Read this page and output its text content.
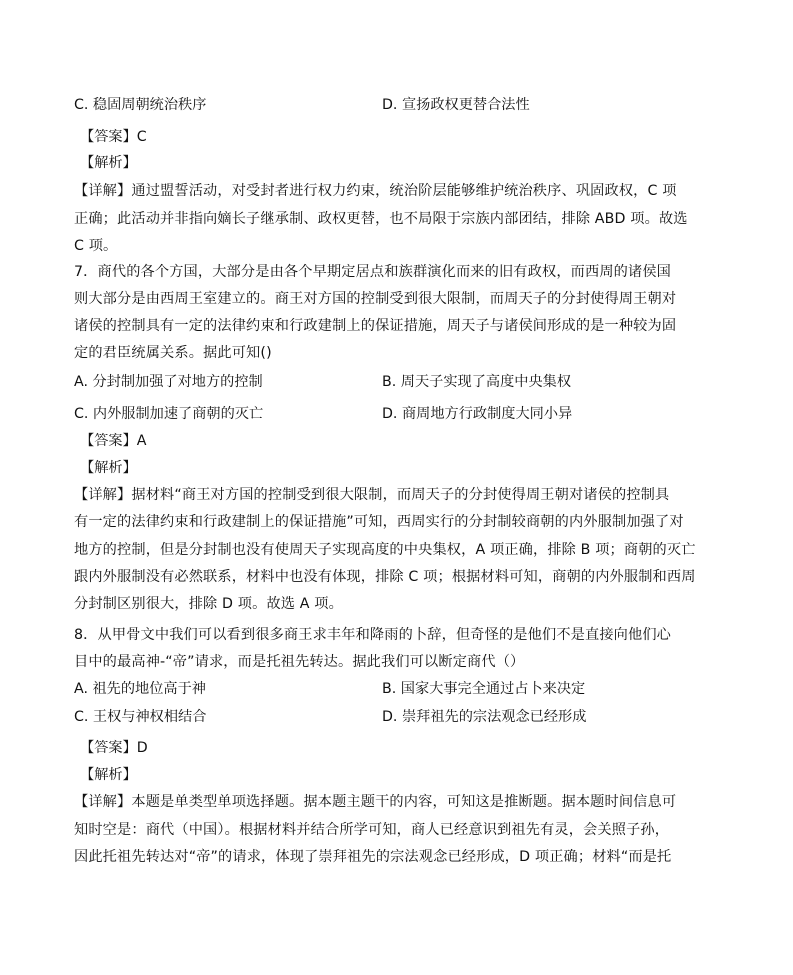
C. 稳固周朝统治秩序	D. 宣扬政权更替合法性
【答案】C
【解析】
【详解】通过盟誓活动，对受封者进行权力约束，统治阶层能够维护统治秩序、巩固政权，C 项
正确；此活动并非指向嫡长子继承制、政权更替，也不局限于宗族内部团结，排除 ABD 项。故选
C 项。
7．商代的各个方国，大部分是由各个早期定居点和族群演化而来的旧有政权，而西周的诸侯国
则大部分是由西周王室建立的。商王对方国的控制受到很大限制，而周天子的分封使得周王朝对
诸侯的控制具有一定的法律约束和行政建制上的保证措施，周天子与诸侯间形成的是一种较为固
定的君臣统属关系。据此可知()
A. 分封制加强了对地方的控制	B. 周天子实现了高度中央集权
C. 内外服制加速了商朝的灭亡	D. 商周地方行政制度大同小异
【答案】A
【解析】
【详解】据材料“商王对方国的控制受到很大限制，而周天子的分封使得周王朝对诸侯的控制具
有一定的法律约束和行政建制上的保证措施”可知，西周实行的分封制较商朝的内外服制加强了对
地方的控制，但是分封制也没有使周天子实现高度的中央集权，A 项正确，排除 B 项；商朝的灭亡
跟内外服制没有必然联系，材料中也没有体现，排除 C 项；根据材料可知，商朝的内外服制和西周
分封制区别很大，排除 D 项。故选 A 项。
8．从甲骨文中我们可以看到很多商王求丰年和降雨的卜辞，但奇怪的是他们不是直接向他们心
目中的最高神-“帝”请求，而是托祖先转达。据此我们可以断定商代（）
A. 祖先的地位高于神	B. 国家大事完全通过占卜来决定
C. 王权与神权相结合	D. 崇拜祖先的宗法观念已经形成
【答案】D
【解析】
【详解】本题是单类型单项选择题。据本题主题干的内容，可知这是推断题。据本题时间信息可
知时空是：商代（中国）。根据材料并结合所学可知，商人已经意识到祖先有灵，会关照子孙，
因此托祖先转达对“帝”的请求，体现了崇拜祖先的宗法观念已经形成，D 项正确；材料“而是托
